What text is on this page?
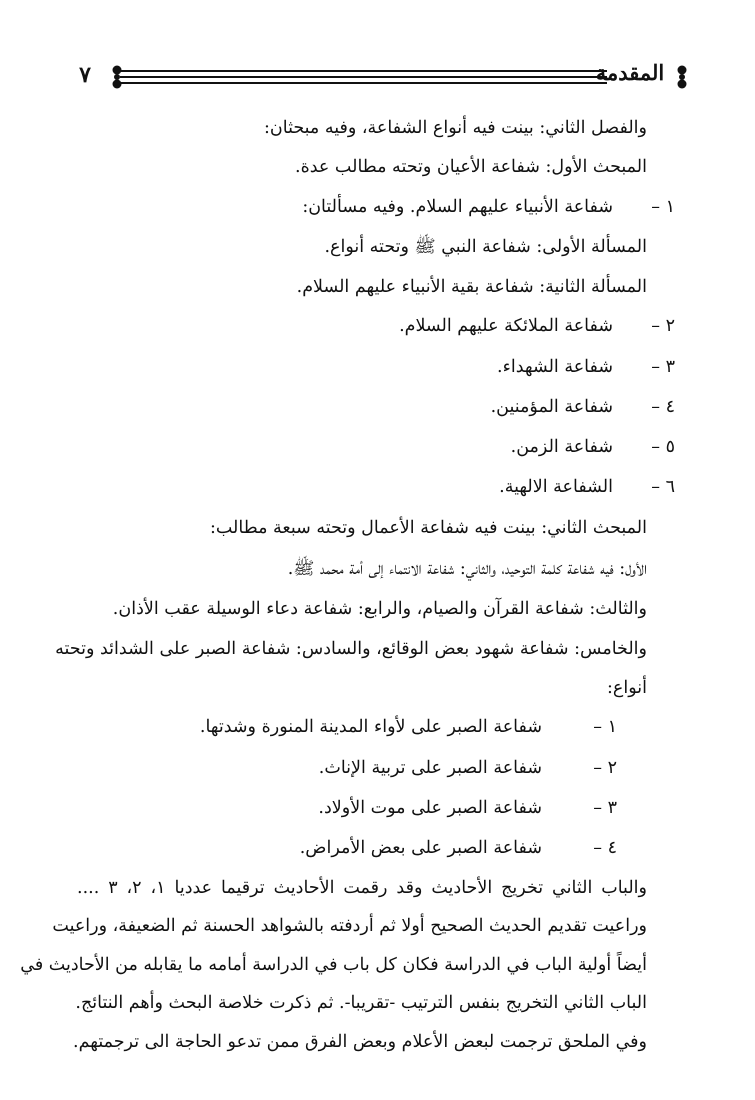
المقدمة
٧
والفصل الثاني: بينت فيه أنواع الشفاعة، وفيه مبحثان:
المبحث الأول: شفاعة الأعيان وتحته مطالب عدة.
١ –
شفاعة الأنبياء عليهم السلام. وفيه مسألتان:
المسألة الأولى: شفاعة النبي ﷺ وتحته أنواع.
المسألة الثانية: شفاعة بقية الأنبياء عليهم السلام.
٢ –
شفاعة الملائكة عليهم السلام.
٣ –
شفاعة الشهداء.
٤ –
شفاعة المؤمنين.
٥ –
شفاعة الزمن.
٦ –
الشفاعة الالهية.
المبحث الثاني: بينت فيه شفاعة الأعمال وتحته سبعة مطالب:
الأول: فيه شفاعة كلمة التوحيد، والثاني: شفاعة الانتماء إلى أمة محمد ﷺ.
والثالث: شفاعة القرآن والصيام، والرابع: شفاعة دعاء الوسيلة عقب الأذان.
والخامس: شفاعة شهود بعض الوقائع، والسادس: شفاعة الصبر على الشدائد وتحته
أنواع:
١ –
شفاعة الصبر على لأواء المدينة المنورة وشدتها.
٢ –
شفاعة الصبر على تربية الإناث.
٣ –
شفاعة الصبر على موت الأولاد.
٤ –
شفاعة الصبر على بعض الأمراض.
والباب الثاني تخريج الأحاديث وقد رقمت الأحاديث ترقيما عدديا ١، ٢، ٣ ....
وراعيت تقديم الحديث الصحيح أولا ثم أردفته بالشواهد الحسنة ثم الضعيفة، وراعيت
أيضاً أولية الباب في الدراسة فكان كل باب في الدراسة أمامه ما يقابله من الأحاديث في
الباب الثاني التخريج بنفس الترتيب -تقريبا-. ثم ذكرت خلاصة البحث وأهم النتائج.
وفي الملحق ترجمت لبعض الأعلام وبعض الفرق ممن تدعو الحاجة الى ترجمتهم.
